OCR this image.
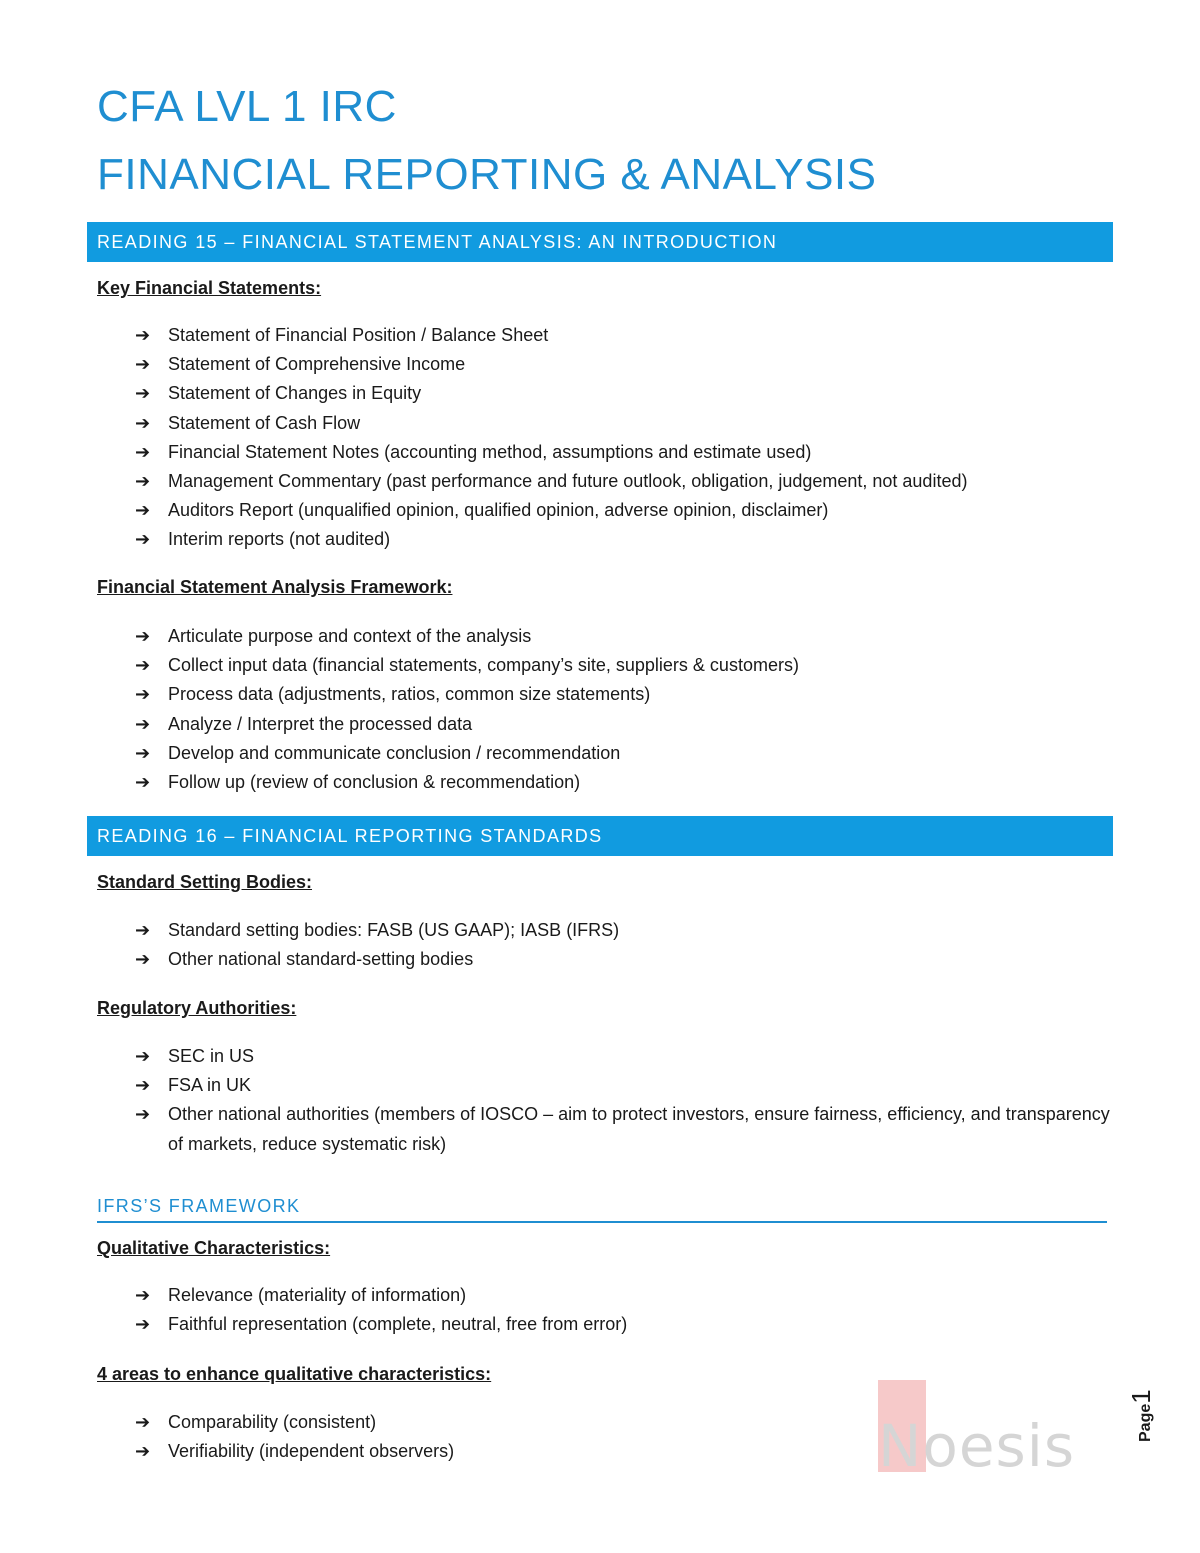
CFA LVL 1 IRC
FINANCIAL REPORTING & ANALYSIS
READING 15 – FINANCIAL STATEMENT ANALYSIS: AN INTRODUCTION
Key Financial Statements:
➔ Statement of Financial Position / Balance Sheet
➔ Statement of Comprehensive Income
➔ Statement of Changes in Equity
➔ Statement of Cash Flow
➔ Financial Statement Notes (accounting method, assumptions and estimate used)
➔ Management Commentary (past performance and future outlook, obligation, judgement, not audited)
➔ Auditors Report (unqualified opinion, qualified opinion, adverse opinion, disclaimer)
➔ Interim reports (not audited)
Financial Statement Analysis Framework:
➔ Articulate purpose and context of the analysis
➔ Collect input data (financial statements, company’s site, suppliers & customers)
➔ Process data (adjustments, ratios, common size statements)
➔ Analyze / Interpret the processed data
➔ Develop and communicate conclusion / recommendation
➔ Follow up (review of conclusion & recommendation)
READING 16 – FINANCIAL REPORTING STANDARDS
Standard Setting Bodies:
➔ Standard setting bodies: FASB (US GAAP); IASB (IFRS)
➔ Other national standard-setting bodies
Regulatory Authorities:
➔ SEC in US
➔ FSA in UK
➔ Other national authorities (members of IOSCO – aim to protect investors, ensure fairness, efficiency, and transparency of markets, reduce systematic risk)
IFRS’S FRAMEWORK
Qualitative Characteristics:
➔ Relevance (materiality of information)
➔ Faithful representation (complete, neutral, free from error)
4 areas to enhance qualitative characteristics:
➔ Comparability (consistent)
➔ Verifiability (independent observers)	Noesis	Page1
